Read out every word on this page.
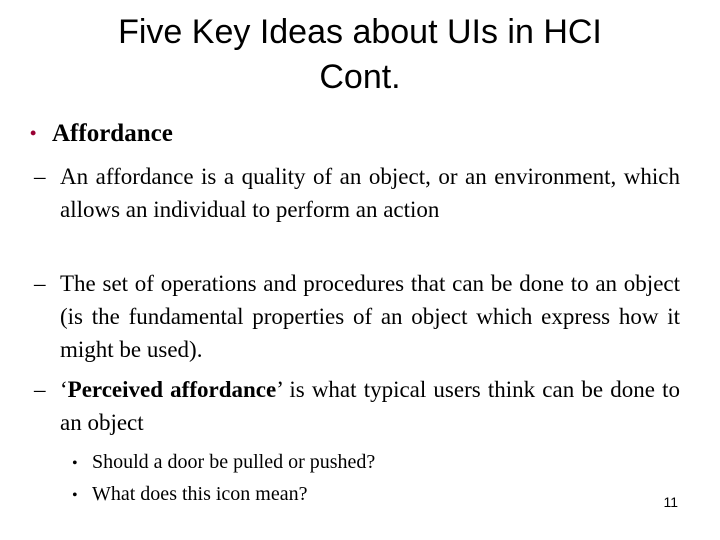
Five Key Ideas about UIs in HCI
Cont.
• Affordance
– An affordance is a quality of an object, or an environment, which allows an individual to perform an action
– The set of operations and procedures that can be done to an object (is the fundamental properties of an object which express how it might be used).
– ‘Perceived affordance’ is what typical users think can be done to an object
• Should a door be pulled or pushed?
• What does this icon mean?	11
